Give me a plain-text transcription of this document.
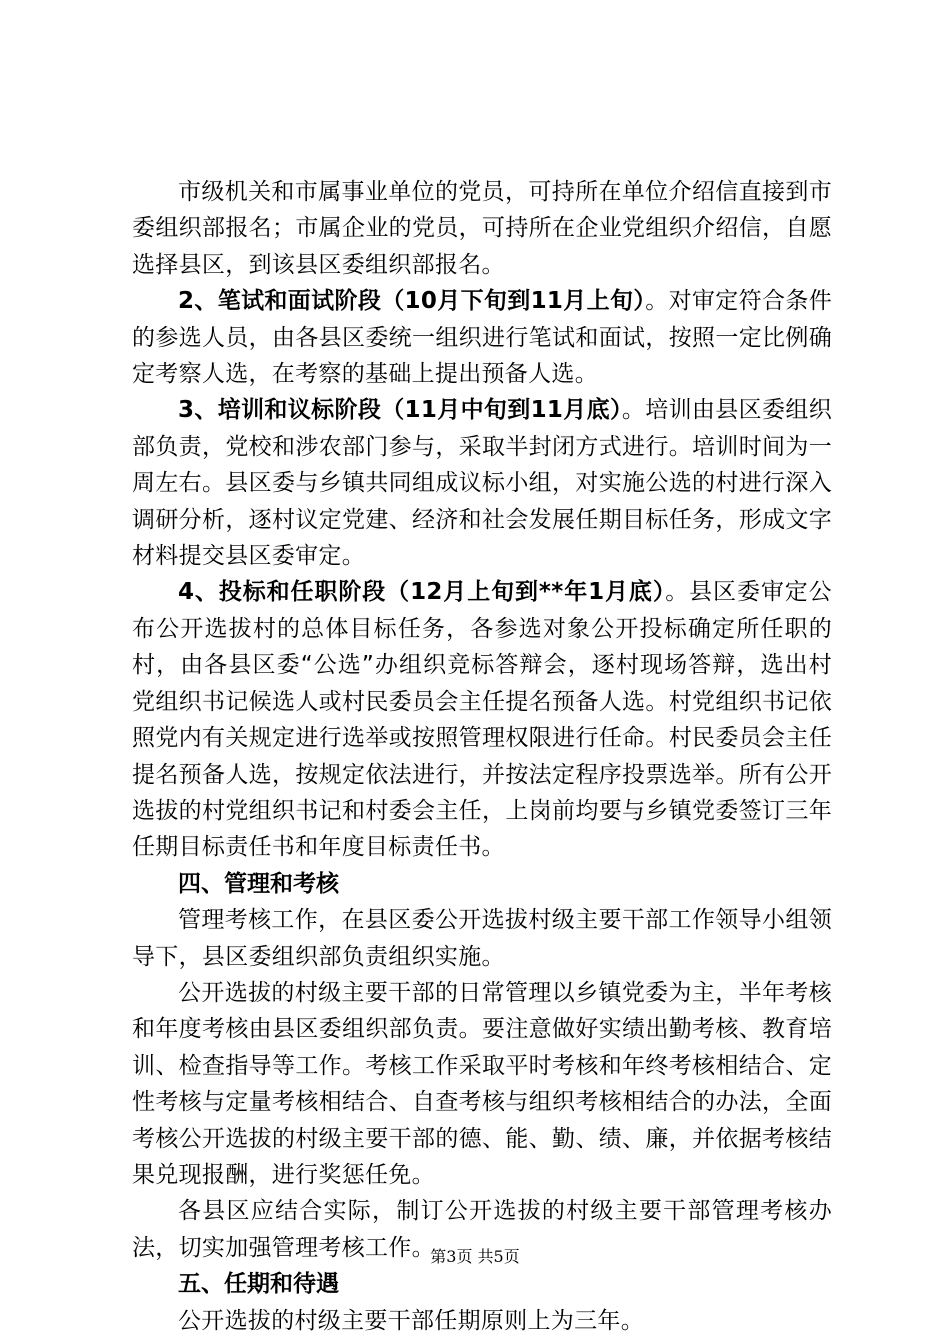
市级机关和市属事业单位的党员，可持所在单位介绍信直接到市委组织部报名；市属企业的党员，可持所在企业党组织介绍信，自愿选择县区，到该县区委组织部报名。

2、笔试和面试阶段（10月下旬到11月上旬）。对审定符合条件的参选人员，由各县区委统一组织进行笔试和面试，按照一定比例确定考察人选，在考察的基础上提出预备人选。

3、培训和议标阶段（11月中旬到11月底）。培训由县区委组织部负责，党校和涉农部门参与，采取半封闭方式进行。培训时间为一周左右。县区委与乡镇共同组成议标小组，对实施公选的村进行深入调研分析，逐村议定党建、经济和社会发展任期目标任务，形成文字材料提交县区委审定。

4、投标和任职阶段（12月上旬到**年1月底）。县区委审定公布公开选拔村的总体目标任务，各参选对象公开投标确定所任职的村，由各县区委“公选”办组织竞标答辩会，逐村现场答辩，选出村党组织书记候选人或村民委员会主任提名预备人选。村党组织书记依照党内有关规定进行选举或按照管理权限进行任命。村民委员会主任提名预备人选，按规定依法进行，并按法定程序投票选举。所有公开选拔的村党组织书记和村委会主任，上岗前均要与乡镇党委签订三年任期目标责任书和年度目标责任书。

四、管理和考核

管理考核工作，在县区委公开选拔村级主要干部工作领导小组领导下，县区委组织部负责组织实施。

公开选拔的村级主要干部的日常管理以乡镇党委为主，半年考核和年度考核由县区委组织部负责。要注意做好实绩出勤考核、教育培训、检查指导等工作。考核工作采取平时考核和年终考核相结合、定性考核与定量考核相结合、自查考核与组织考核相结合的办法，全面考核公开选拔的村级主要干部的德、能、勤、绩、廉，并依据考核结果兑现报酬，进行奖惩任免。

各县区应结合实际，制订公开选拔的村级主要干部管理考核办法，切实加强管理考核工作。

五、任期和待遇

公开选拔的村级主要干部任期原则上为三年。

第3页 共5页
